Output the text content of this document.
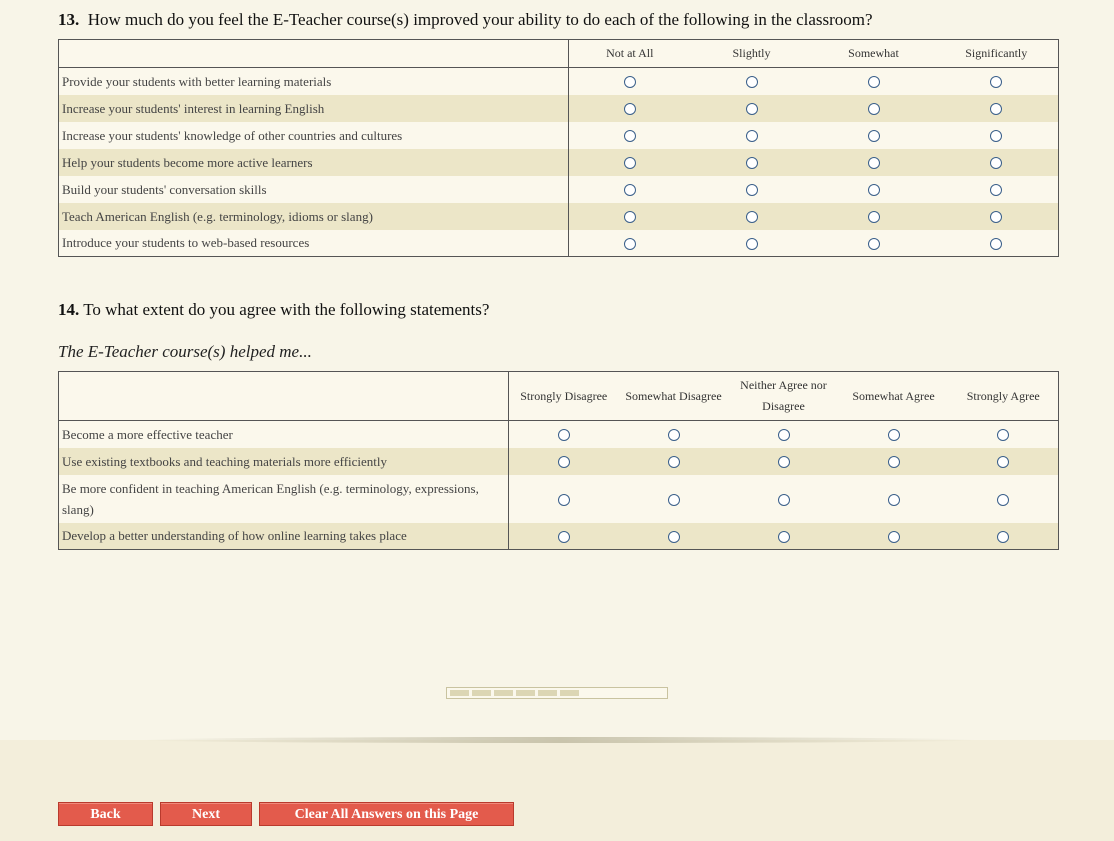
13. How much do you feel the E-Teacher course(s) improved your ability to do each of the following in the classroom?
	Not at All	Slightly	Somewhat	Significantly
Provide your students with better learning materials				
Increase your students' interest in learning English				
Increase your students' knowledge of other countries and cultures				
Help your students become more active learners				
Build your students' conversation skills				
Teach American English (e.g. terminology, idioms or slang)				
Introduce your students to web-based resources				
14. To what extent do you agree with the following statements?
The E-Teacher course(s) helped me...
	Strongly Disagree	Somewhat Disagree	Neither Agree nor Disagree	Somewhat Agree	Strongly Agree
Become a more effective teacher					
Use existing textbooks and teaching materials more efficiently					
Be more confident in teaching American English (e.g. terminology, expressions, slang)					
Develop a better understanding of how online learning takes place					
Back	Next	Clear All Answers on this Page
